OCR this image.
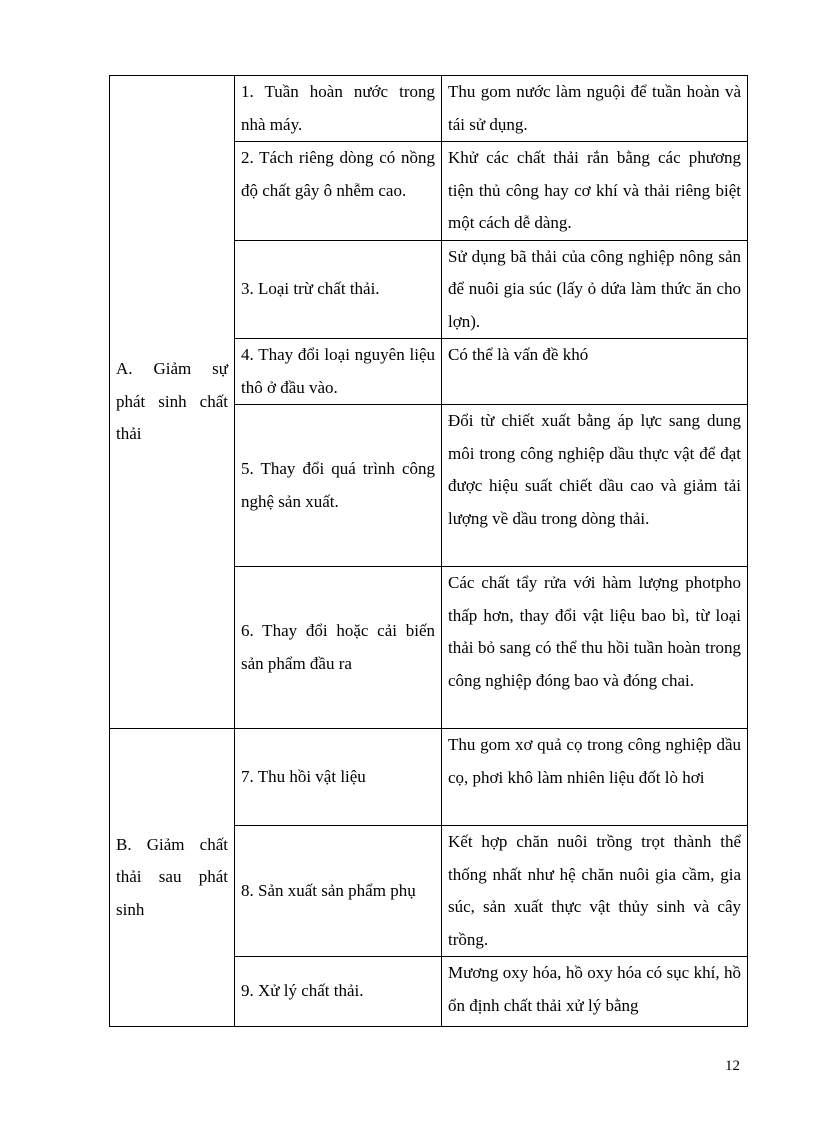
A. Giảm sự phát sinh chất thải	1. Tuần hoàn nước trong nhà máy.	Thu gom nước làm nguội để tuần hoàn và tái sử dụng.
	2. Tách riêng dòng có nồng độ chất gây ô nhễm cao.	Khử các chất thải rắn bằng các phương tiện thủ công hay cơ khí và thải riêng biệt một cách dễ dàng.
	3. Loại trừ chất thải.	Sử dụng bã thải của công nghiệp nông sản để nuôi gia súc (lấy ỏ dứa làm thức ăn cho lợn).
	4. Thay đổi loại nguyên liệu thô ở đầu vào.	Có thể là vấn đề khó
	5. Thay đổi quá trình công nghệ sản xuất.	Đổi từ chiết xuất bằng áp lực sang dung môi trong công nghiệp dầu thực vật để đạt được hiệu suất chiết dầu cao và giảm tải lượng về dầu trong dòng thải.
	6. Thay đổi hoặc cải biến sản phẩm đầu ra	Các chất tẩy rửa với hàm lượng photpho thấp hơn, thay đổi vật liệu bao bì, từ loại thải bỏ sang có thể thu hồi tuần hoàn trong công nghiệp đóng bao và đóng chai.
B. Giảm chất thải sau phát sinh	7. Thu hồi vật liệu	Thu gom xơ quả cọ trong công nghiệp dầu cọ, phơi khô làm nhiên liệu đốt lò hơi
	8. Sản xuất sản phẩm phụ	Kết hợp chăn nuôi trồng trọt thành thể thống nhất như hệ chăn nuôi gia cầm, gia súc, sản xuất thực vật thủy sinh và cây trồng.
	9. Xử lý chất thải.	Mương oxy hóa, hồ oxy hóa có sục khí, hồ ổn định chất thải xử lý bằng
12
